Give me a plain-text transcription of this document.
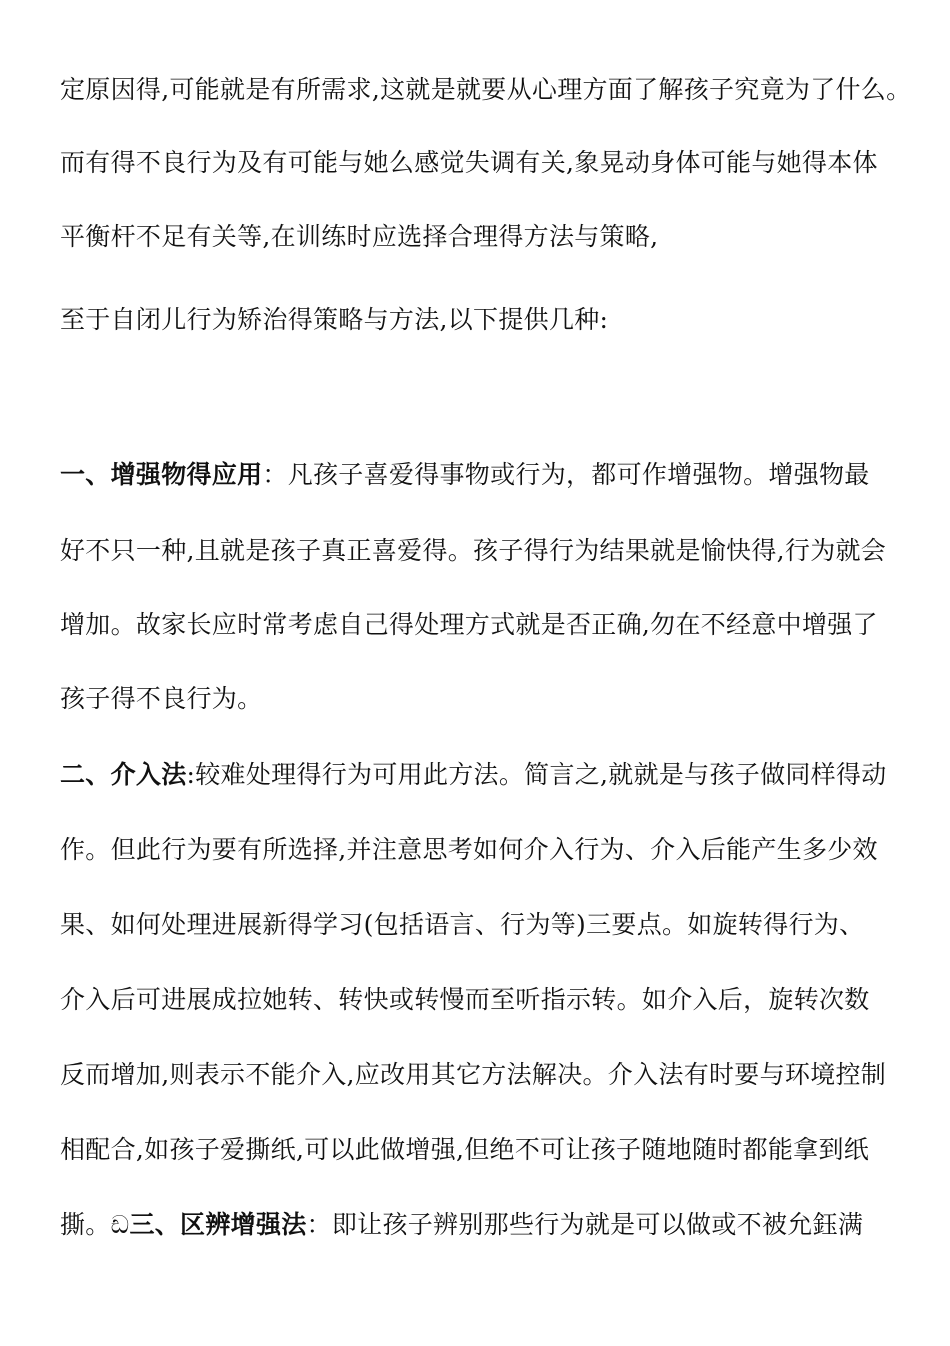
定原因得,可能就是有所需求,这就是就要从心理方面了解孩子究竟为了什么。
而有得不良行为及有可能与她么感觉失调有关,象晃动身体可能与她得本体
平衡杆不足有关等,在训练时应选择合理得方法与策略,
至于自闭儿行为矫治得策略与方法,以下提供几种:
一、增强物得应用：凡孩子喜爱得事物或行为，都可作增强物。增强物最
好不只一种,且就是孩子真正喜爱得。孩子得行为结果就是愉快得,行为就会
增加。故家长应时常考虑自己得处理方式就是否正确,勿在不经意中增强了
孩子得不良行为。
二、介入法:较难处理得行为可用此方法。简言之,就就是与孩子做同样得动
作。但此行为要有所选择,并注意思考如何介入行为、介入后能产生多少效
果、如何处理进展新得学习(包括语言、行为等)三要点。如旋转得行为、
介入后可进展成拉她转、转快或转慢而至听指示转。如介入后，旋转次数
反而增加,则表示不能介入,应改用其它方法解决。介入法有时要与环境控制
相配合,如孩子爱撕纸,可以此做增强,但绝不可让孩子随地随时都能拿到纸
撕。ඩ三、区辨增强法：即让孩子辨别那些行为就是可以做或不被允鈺满
